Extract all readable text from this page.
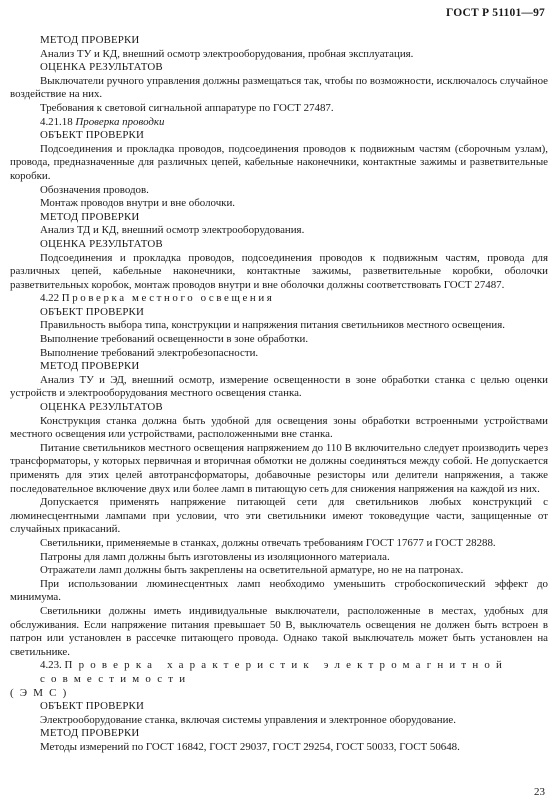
ГОСТ Р 51101—97

МЕТОД ПРОВЕРКИ

Анализ ТУ и КД, внешний осмотр электрооборудования, пробная эксплуатация.

ОЦЕНКА РЕЗУЛЬТАТОВ

Выключатели ручного управления должны размещаться так, чтобы по возможности, исключалось случайное воздействие на них.

Требования к световой сигнальной аппаратуре по ГОСТ 27487.

4.21.18 Проверка проводки

ОБЪЕКТ ПРОВЕРКИ

Подсоединения и прокладка проводов, подсоединения проводов к подвижным частям (сборочным узлам), провода, предназначенные для различных цепей, кабельные наконечники, контактные зажимы и разветвительные коробки.

Обозначения проводов.

Монтаж проводов внутри и вне оболочки.

МЕТОД ПРОВЕРКИ

Анализ ТД и КД, внешний осмотр электрооборудования.

ОЦЕНКА РЕЗУЛЬТАТОВ

Подсоединения и прокладка проводов, подсоединения проводов к подвижным частям, провода для различных цепей, кабельные наконечники, контактные зажимы, разветвительные коробки, оболочки разветвительных коробок, монтаж проводов внутри и вне оболочки должны соответствовать ГОСТ 27487.

4.22 Проверка местного освещения

ОБЪЕКТ ПРОВЕРКИ

Правильность выбора типа, конструкции и напряжения питания светильников местного освещения.

Выполнение требований освещенности в зоне обработки.

Выполнение требований электробезопасности.

МЕТОД ПРОВЕРКИ

Анализ ТУ и ЭД, внешний осмотр, измерение освещенности в зоне обработки станка с целью оценки устройств и электрооборудования местного освещения станка.

ОЦЕНКА РЕЗУЛЬТАТОВ

Конструкция станка должна быть удобной для освещения зоны обработки встроенными устройствами местного освещения или устройствами, расположенными вне станка.

Питание светильников местного освещения напряжением до 110 В включительно следует производить через трансформаторы, у которых первичная и вторичная обмотки не должны соединяться между собой. Не допускается применять для этих целей автотрансформаторы, добавочные резисторы или делители напряжения, а также последовательное включение двух или более ламп в питающую сеть для снижения напряжения на каждой из них.

Допускается применять напряжение питающей сети для светильников любых конструкций с люминесцентными лампами при условии, что эти светильники имеют токоведущие части, защищенные от случайных прикасаний.

Светильники, применяемые в станках, должны отвечать требованиям ГОСТ 17677 и ГОСТ 28288.

Патроны для ламп должны быть изготовлены из изоляционного материала.

Отражатели ламп должны быть закреплены на осветительной арматуре, но не на патронах.

При использовании люминесцентных ламп необходимо уменьшить стробоскопический эффект до минимума.

Светильники должны иметь индивидуальные выключатели, расположенные в местах, удобных для обслуживания. Если напряжение питания превышает 50 В, выключатель освещения не должен быть встроен в патрон или установлен в рассечке питающего провода. Однако такой выключатель может быть установлен на светильнике.

4.23. Проверка характеристик электромагнитной совместимости

(ЭМС)

ОБЪЕКТ ПРОВЕРКИ

Электрооборудование станка, включая системы управления и электронное оборудование.

МЕТОД ПРОВЕРКИ

Методы измерений по ГОСТ 16842, ГОСТ 29037, ГОСТ 29254, ГОСТ 50033, ГОСТ 50648.

23
